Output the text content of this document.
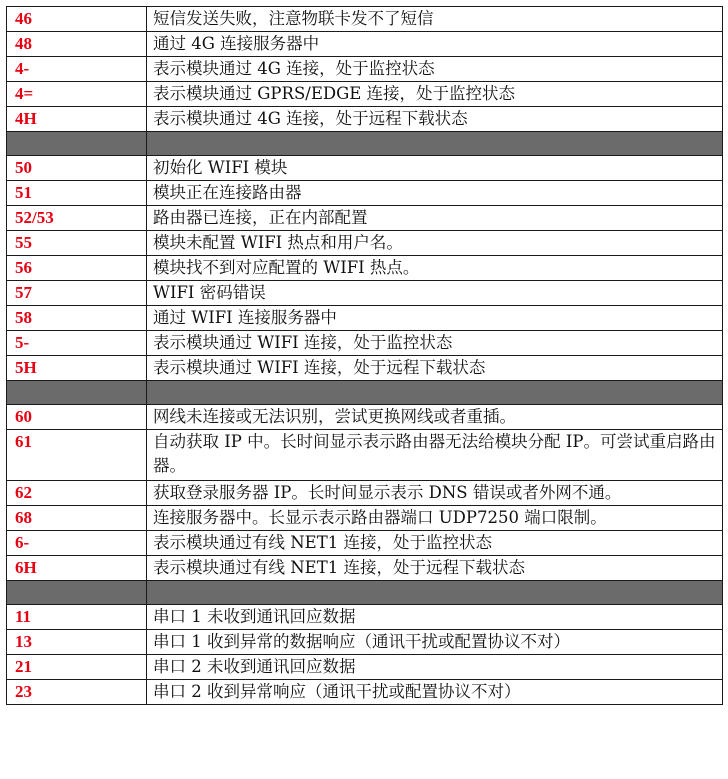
46	短信发送失败，注意物联卡发不了短信
48	通过 4G 连接服务器中
4-	表示模块通过 4G 连接，处于监控状态
4=	表示模块通过 GPRS/EDGE 连接，处于监控状态
4H	表示模块通过 4G 连接，处于远程下载状态

50	初始化 WIFI 模块
51	模块正在连接路由器
52/53	路由器已连接，正在内部配置
55	模块未配置 WIFI 热点和用户名。
56	模块找不到对应配置的 WIFI 热点。
57	WIFI 密码错误
58	通过 WIFI 连接服务器中
5-	表示模块通过 WIFI 连接，处于监控状态
5H	表示模块通过 WIFI 连接，处于远程下载状态

60	网线未连接或无法识别，尝试更换网线或者重插。
61	自动获取 IP 中。长时间显示表示路由器无法给模块分配 IP。可尝试重启路由器。
62	获取登录服务器 IP。长时间显示表示 DNS 错误或者外网不通。
68	连接服务器中。长显示表示路由器端口 UDP7250 端口限制。
6-	表示模块通过有线 NET1 连接，处于监控状态
6H	表示模块通过有线 NET1 连接，处于远程下载状态

11	串口 1 未收到通讯回应数据
13	串口 1 收到异常的数据响应（通讯干扰或配置协议不对）
21	串口 2 未收到通讯回应数据
23	串口 2 收到异常响应（通讯干扰或配置协议不对）
